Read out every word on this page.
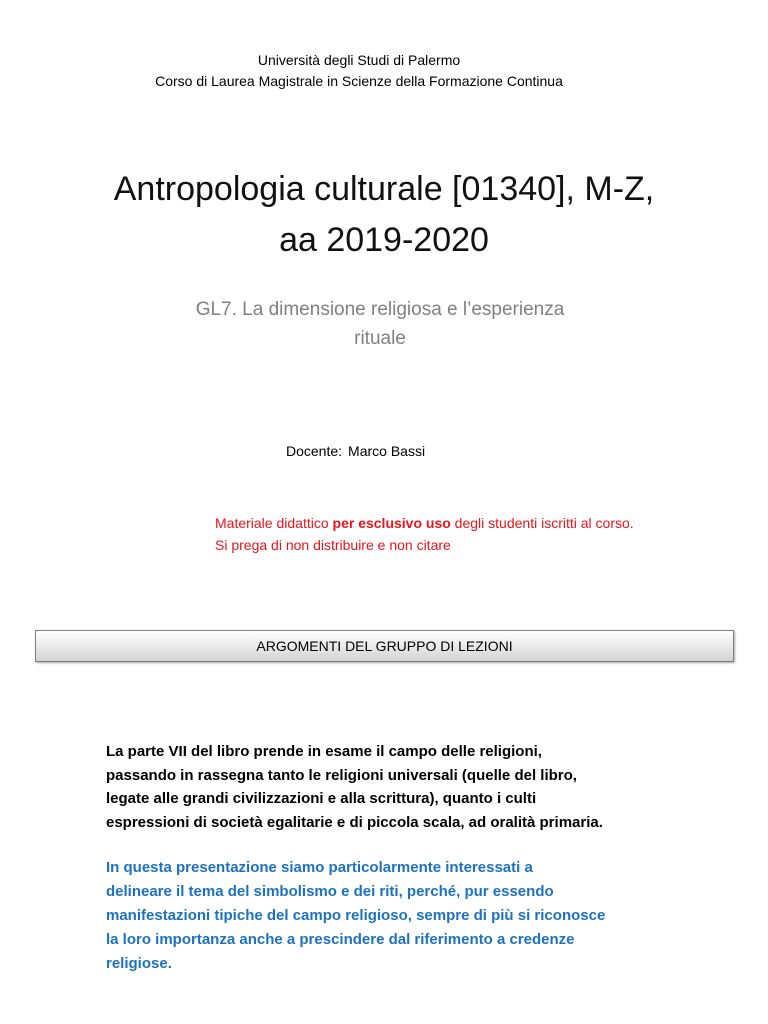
Università degli Studi di Palermo
Corso di Laurea Magistrale in Scienze della Formazione Continua
Antropologia culturale [01340], M-Z,
aa 2019-2020
GL7. La dimensione religiosa e l’esperienza
rituale
Docente: Marco Bassi
Materiale didattico per esclusivo uso degli studenti iscritti al corso.
Si prega di non distribuire e non citare
ARGOMENTI DEL GRUPPO DI LEZIONI
La parte VII del libro prende in esame il campo delle religioni,
passando in rassegna tanto le religioni universali (quelle del libro,
legate alle grandi civilizzazioni e alla scrittura), quanto i culti
espressioni di società egalitarie e di piccola scala, ad oralità primaria.
In questa presentazione siamo particolarmente interessati a
delineare il tema del simbolismo e dei riti, perché, pur essendo
manifestazioni tipiche del campo religioso, sempre di più si riconosce
la loro importanza anche a prescindere dal riferimento a credenze
religiose.
